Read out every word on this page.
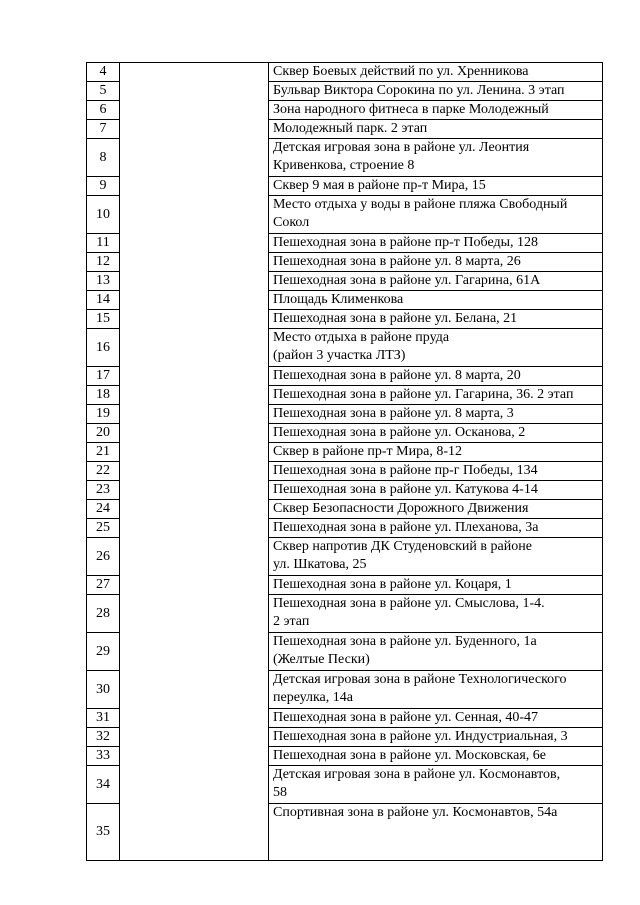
4		Сквер Боевых действий по ул. Хренникова

5		Бульвар Виктора Сорокина по ул. Ленина. 3 этап

6		Зона народного фитнеса в парке Молодежный

7		Молодежный парк. 2 этап

8		Детская игровая зона в районе ул. Леонтия
Кривенкова, строение 8

9		Сквер 9 мая в районе пр-т Мира, 15

10		Место отдыха у воды в районе пляжа Свободный
Сокол

11		Пешеходная зона в районе пр-т Победы, 128

12		Пешеходная зона в районе ул. 8 марта, 26

13		Пешеходная зона в районе ул. Гагарина, 61А

14		Площадь Клименкова

15		Пешеходная зона в районе ул. Белана, 21

16		Место отдыха в районе пруда
(район 3 участка ЛТЗ)

17		Пешеходная зона в районе ул. 8 марта, 20

18		Пешеходная зона в районе ул. Гагарина, 36. 2 этап

19		Пешеходная зона в районе ул. 8 марта, 3

20		Пешеходная зона в районе ул. Осканова, 2

21		Сквер в районе пр-т Мира, 8-12

22		Пешеходная зона в районе пр-г Победы, 134

23		Пешеходная зона в районе ул. Катукова 4-14

24		Сквер Безопасности Дорожного Движения

25		Пешеходная зона в районе ул. Плеханова, 3а

26		Сквер напротив ДК Студеновский в районе
ул. Шкатова, 25

27		Пешеходная зона в районе ул. Коцаря, 1

28		Пешеходная зона в районе ул. Смыслова, 1-4.
2 этап

29		Пешеходная зона в районе ул. Буденного, 1а
(Желтые Пески)

30		Детская игровая зона в районе Технологического
переулка, 14а

31		Пешеходная зона в районе ул. Сенная, 40-47

32		Пешеходная зона в районе ул. Индустриальная, 3

33		Пешеходная зона в районе ул. Московская, 6е

34		Детская игровая зона в районе ул. Космонавтов,
58

35		Спортивная зона в районе ул. Космонавтов, 54а
